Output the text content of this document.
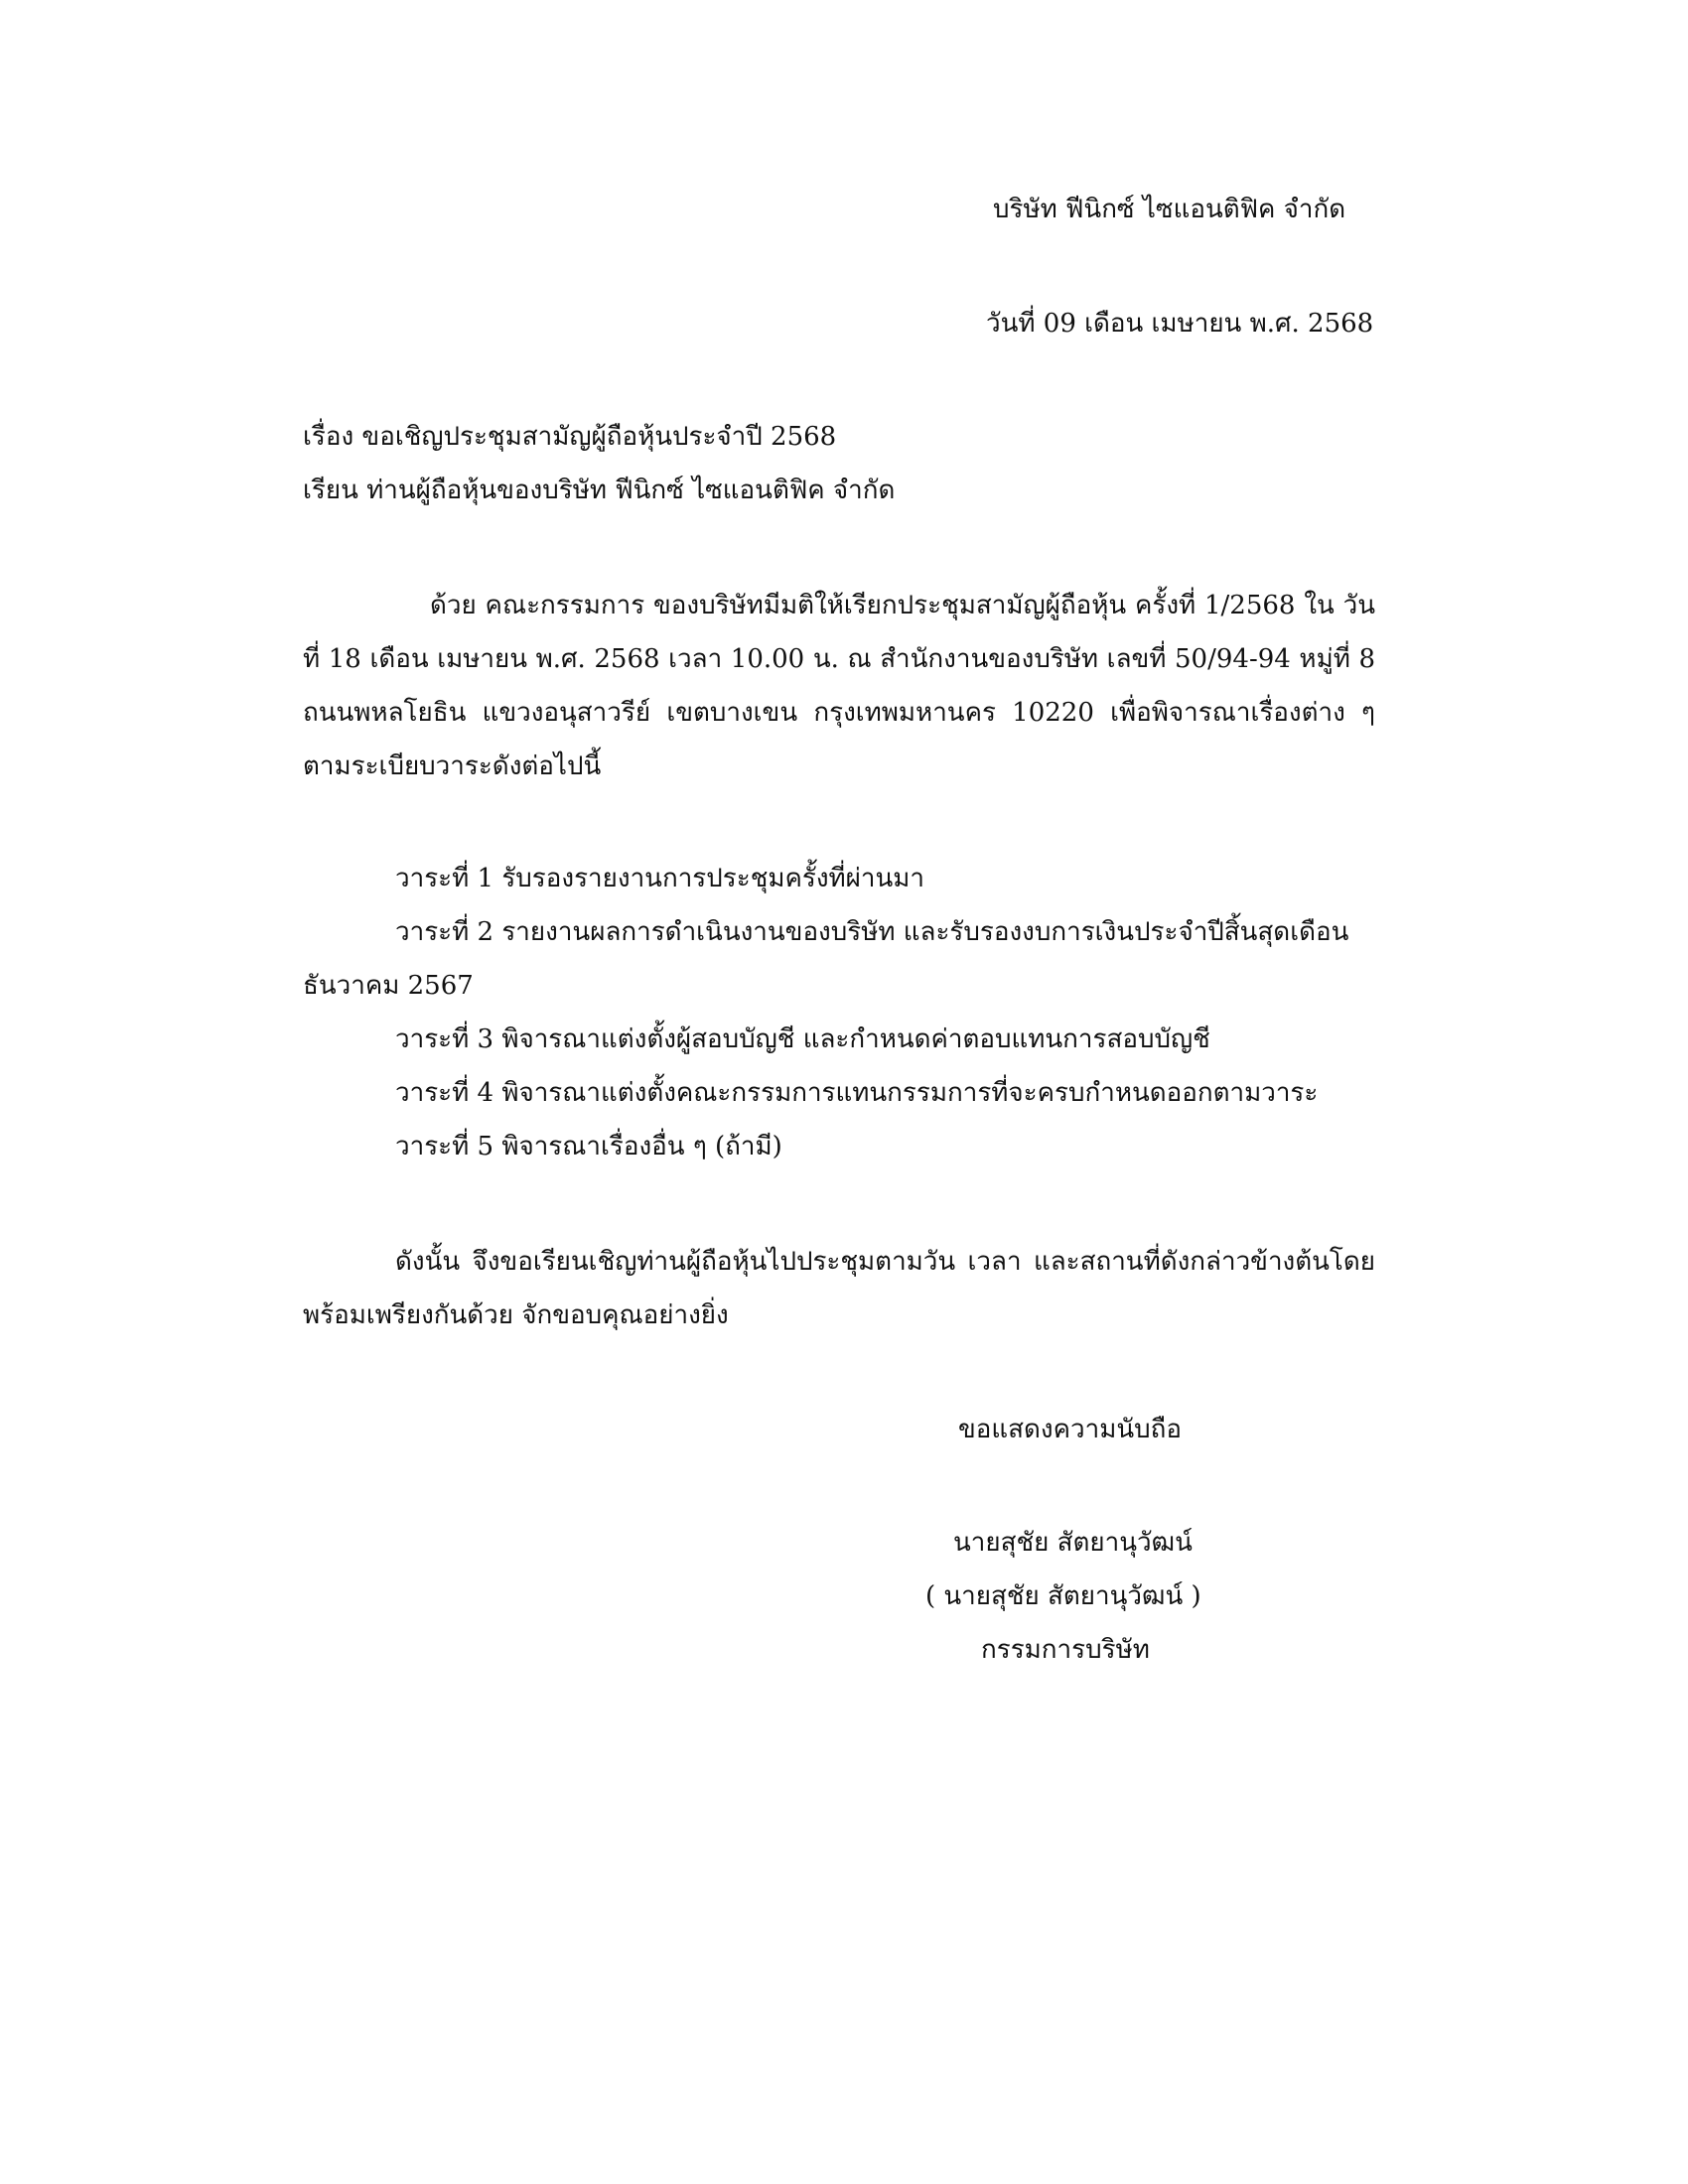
บริษัท ฟีนิกซ์ ไซแอนติฟิค จำกัด
วันที่ 09 เดือน เมษายน พ.ศ. 2568
เรื่อง ขอเชิญประชุมสามัญผู้ถือหุ้นประจำปี 2568
เรียน ท่านผู้ถือหุ้นของบริษัท ฟีนิกซ์ ไซแอนติฟิค จำกัด
ด้วย คณะกรรมการ ของบริษัทมีมติให้เรียกประชุมสามัญผู้ถือหุ้น ครั้งที่ 1/2568 ใน วันที่ 18 เดือน เมษายน พ.ศ. 2568 เวลา 10.00 น. ณ สำนักงานของบริษัท เลขที่ 50/94-94 หมู่ที่ 8 ถนนพหลโยธิน แขวงอนุสาวรีย์ เขตบางเขน กรุงเทพมหานคร 10220 เพื่อพิจารณาเรื่องต่าง ๆ ตามระเบียบวาระดังต่อไปนี้
วาระที่ 1 รับรองรายงานการประชุมครั้งที่ผ่านมา
วาระที่ 2 รายงานผลการดำเนินงานของบริษัท และรับรองงบการเงินประจำปีสิ้นสุดเดือน
ธันวาคม 2567
วาระที่ 3 พิจารณาแต่งตั้งผู้สอบบัญชี และกำหนดค่าตอบแทนการสอบบัญชี
วาระที่ 4 พิจารณาแต่งตั้งคณะกรรมการแทนกรรมการที่จะครบกำหนดออกตามวาระ
วาระที่ 5 พิจารณาเรื่องอื่น ๆ (ถ้ามี)
ดังนั้น จึงขอเรียนเชิญท่านผู้ถือหุ้นไปประชุมตามวัน เวลา และสถานที่ดังกล่าวข้างต้นโดย พร้อมเพรียงกันด้วย จักขอบคุณอย่างยิ่ง
ขอแสดงความนับถือ
นายสุชัย สัตยานุวัฒน์
( นายสุชัย สัตยานุวัฒน์ )
กรรมการบริษัท
